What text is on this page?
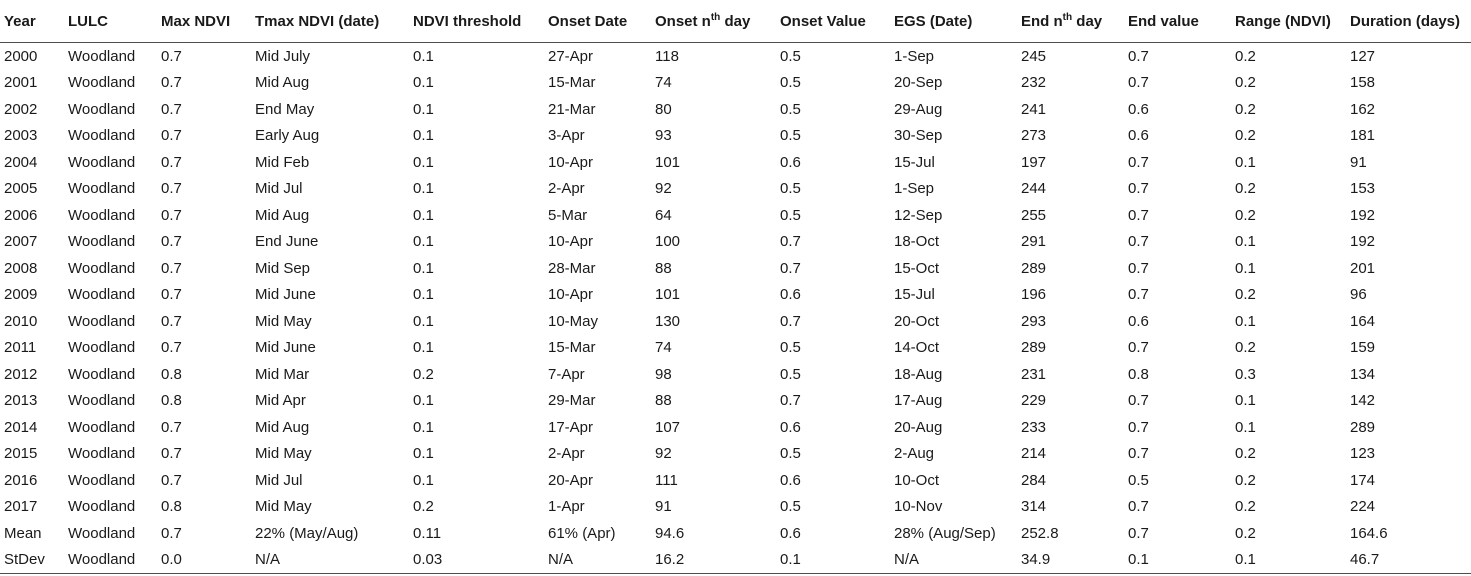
Year	LULC	Max NDVI	Tmax NDVI (date)	NDVI threshold	Onset Date	Onset $n^{th}$ day	Onset Value	EGS (Date)	End $n^{th}$ day	End value	Range (NDVI)	Duration (days)
2000	Woodland	0.7	Mid July	0.1	27-Apr	118	0.5	1-Sep	245	0.7	0.2	127
2001	Woodland	0.7	Mid Aug	0.1	15-Mar	74	0.5	20-Sep	232	0.7	0.2	158
2002	Woodland	0.7	End May	0.1	21-Mar	80	0.5	29-Aug	241	0.6	0.2	162
2003	Woodland	0.7	Early Aug	0.1	3-Apr	93	0.5	30-Sep	273	0.6	0.2	181
2004	Woodland	0.7	Mid Feb	0.1	10-Apr	101	0.6	15-Jul	197	0.7	0.1	91
2005	Woodland	0.7	Mid Jul	0.1	2-Apr	92	0.5	1-Sep	244	0.7	0.2	153
2006	Woodland	0.7	Mid Aug	0.1	5-Mar	64	0.5	12-Sep	255	0.7	0.2	192
2007	Woodland	0.7	End June	0.1	10-Apr	100	0.7	18-Oct	291	0.7	0.1	192
2008	Woodland	0.7	Mid Sep	0.1	28-Mar	88	0.7	15-Oct	289	0.7	0.1	201
2009	Woodland	0.7	Mid June	0.1	10-Apr	101	0.6	15-Jul	196	0.7	0.2	96
2010	Woodland	0.7	Mid May	0.1	10-May	130	0.7	20-Oct	293	0.6	0.1	164
2011	Woodland	0.7	Mid June	0.1	15-Mar	74	0.5	14-Oct	289	0.7	0.2	159
2012	Woodland	0.8	Mid Mar	0.2	7-Apr	98	0.5	18-Aug	231	0.8	0.3	134
2013	Woodland	0.8	Mid Apr	0.1	29-Mar	88	0.7	17-Aug	229	0.7	0.1	142
2014	Woodland	0.7	Mid Aug	0.1	17-Apr	107	0.6	20-Aug	233	0.7	0.1	289
2015	Woodland	0.7	Mid May	0.1	2-Apr	92	0.5	2-Aug	214	0.7	0.2	123
2016	Woodland	0.7	Mid Jul	0.1	20-Apr	111	0.6	10-Oct	284	0.5	0.2	174
2017	Woodland	0.8	Mid May	0.2	1-Apr	91	0.5	10-Nov	314	0.7	0.2	224
Mean	Woodland	0.7	22% (May/Aug)	0.11	61% (Apr)	94.6	0.6	28% (Aug/Sep)	252.8	0.7	0.2	164.6
StDev	Woodland	0.0	N/A	0.03	N/A	16.2	0.1	N/A	34.9	0.1	0.1	46.7
